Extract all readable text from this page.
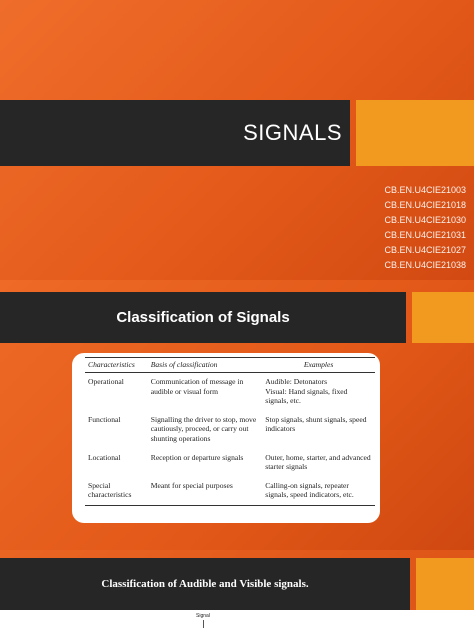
SIGNALS
CB.EN.U4CIE21003
CB.EN.U4CIE21018
CB.EN.U4CIE21030
CB.EN.U4CIE21031
CB.EN.U4CIE21027
CB.EN.U4CIE21038
Classification of Signals
Characteristics	Basis of classification	Examples
Operational	Communication of message in audible or visual form	Audible: Detonators
Visual: Hand signals, fixed signals, etc.
Functional	Signalling the driver to stop, move cautiously, proceed, or carry out shunting operations	Stop signals, shunt signals, speed indicators
Locational	Reception or departure signals	Outer, home, starter, and advanced starter signals
Special characteristics	Meant for special purposes	Calling-on signals, repeater signals, speed indicators, etc.
Classification of Audible and Visible signals.
Signal
